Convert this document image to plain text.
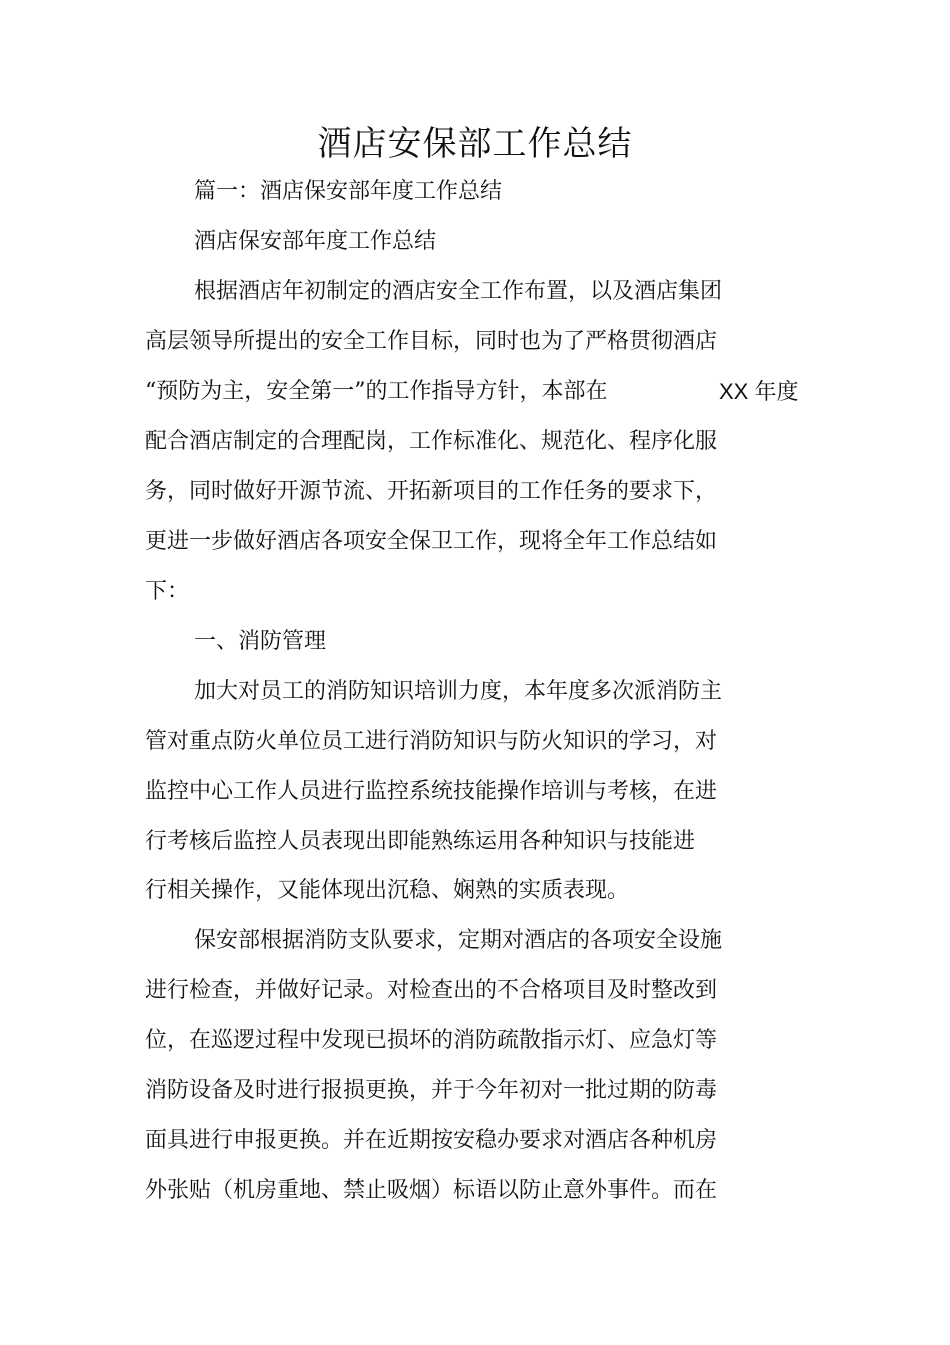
酒店安保部工作总结
篇一：酒店保安部年度工作总结
酒店保安部年度工作总结
根据酒店年初制定的酒店安全工作布置，以及酒店集团
高层领导所提出的安全工作目标，同时也为了严格贯彻酒店
“预防为主，安全第一”的工作指导方针，本部在	XX 年度
配合酒店制定的合理配岗，工作标准化、规范化、程序化服
务，同时做好开源节流、开拓新项目的工作任务的要求下，
更进一步做好酒店各项安全保卫工作，现将全年工作总结如
下：
一、消防管理
加大对员工的消防知识培训力度，本年度多次派消防主
管对重点防火单位员工进行消防知识与防火知识的学习，对
监控中心工作人员进行监控系统技能操作培训与考核，在进
行考核后监控人员表现出即能熟练运用各种知识与技能进
行相关操作，又能体现出沉稳、娴熟的实质表现。
保安部根据消防支队要求，定期对酒店的各项安全设施
进行检查，并做好记录。对检查出的不合格项目及时整改到
位，在巡逻过程中发现已损坏的消防疏散指示灯、应急灯等
消防设备及时进行报损更换，并于今年初对一批过期的防毒
面具进行申报更换。并在近期按安稳办要求对酒店各种机房
外张贴（机房重地、禁止吸烟）标语以防止意外事件。而在
